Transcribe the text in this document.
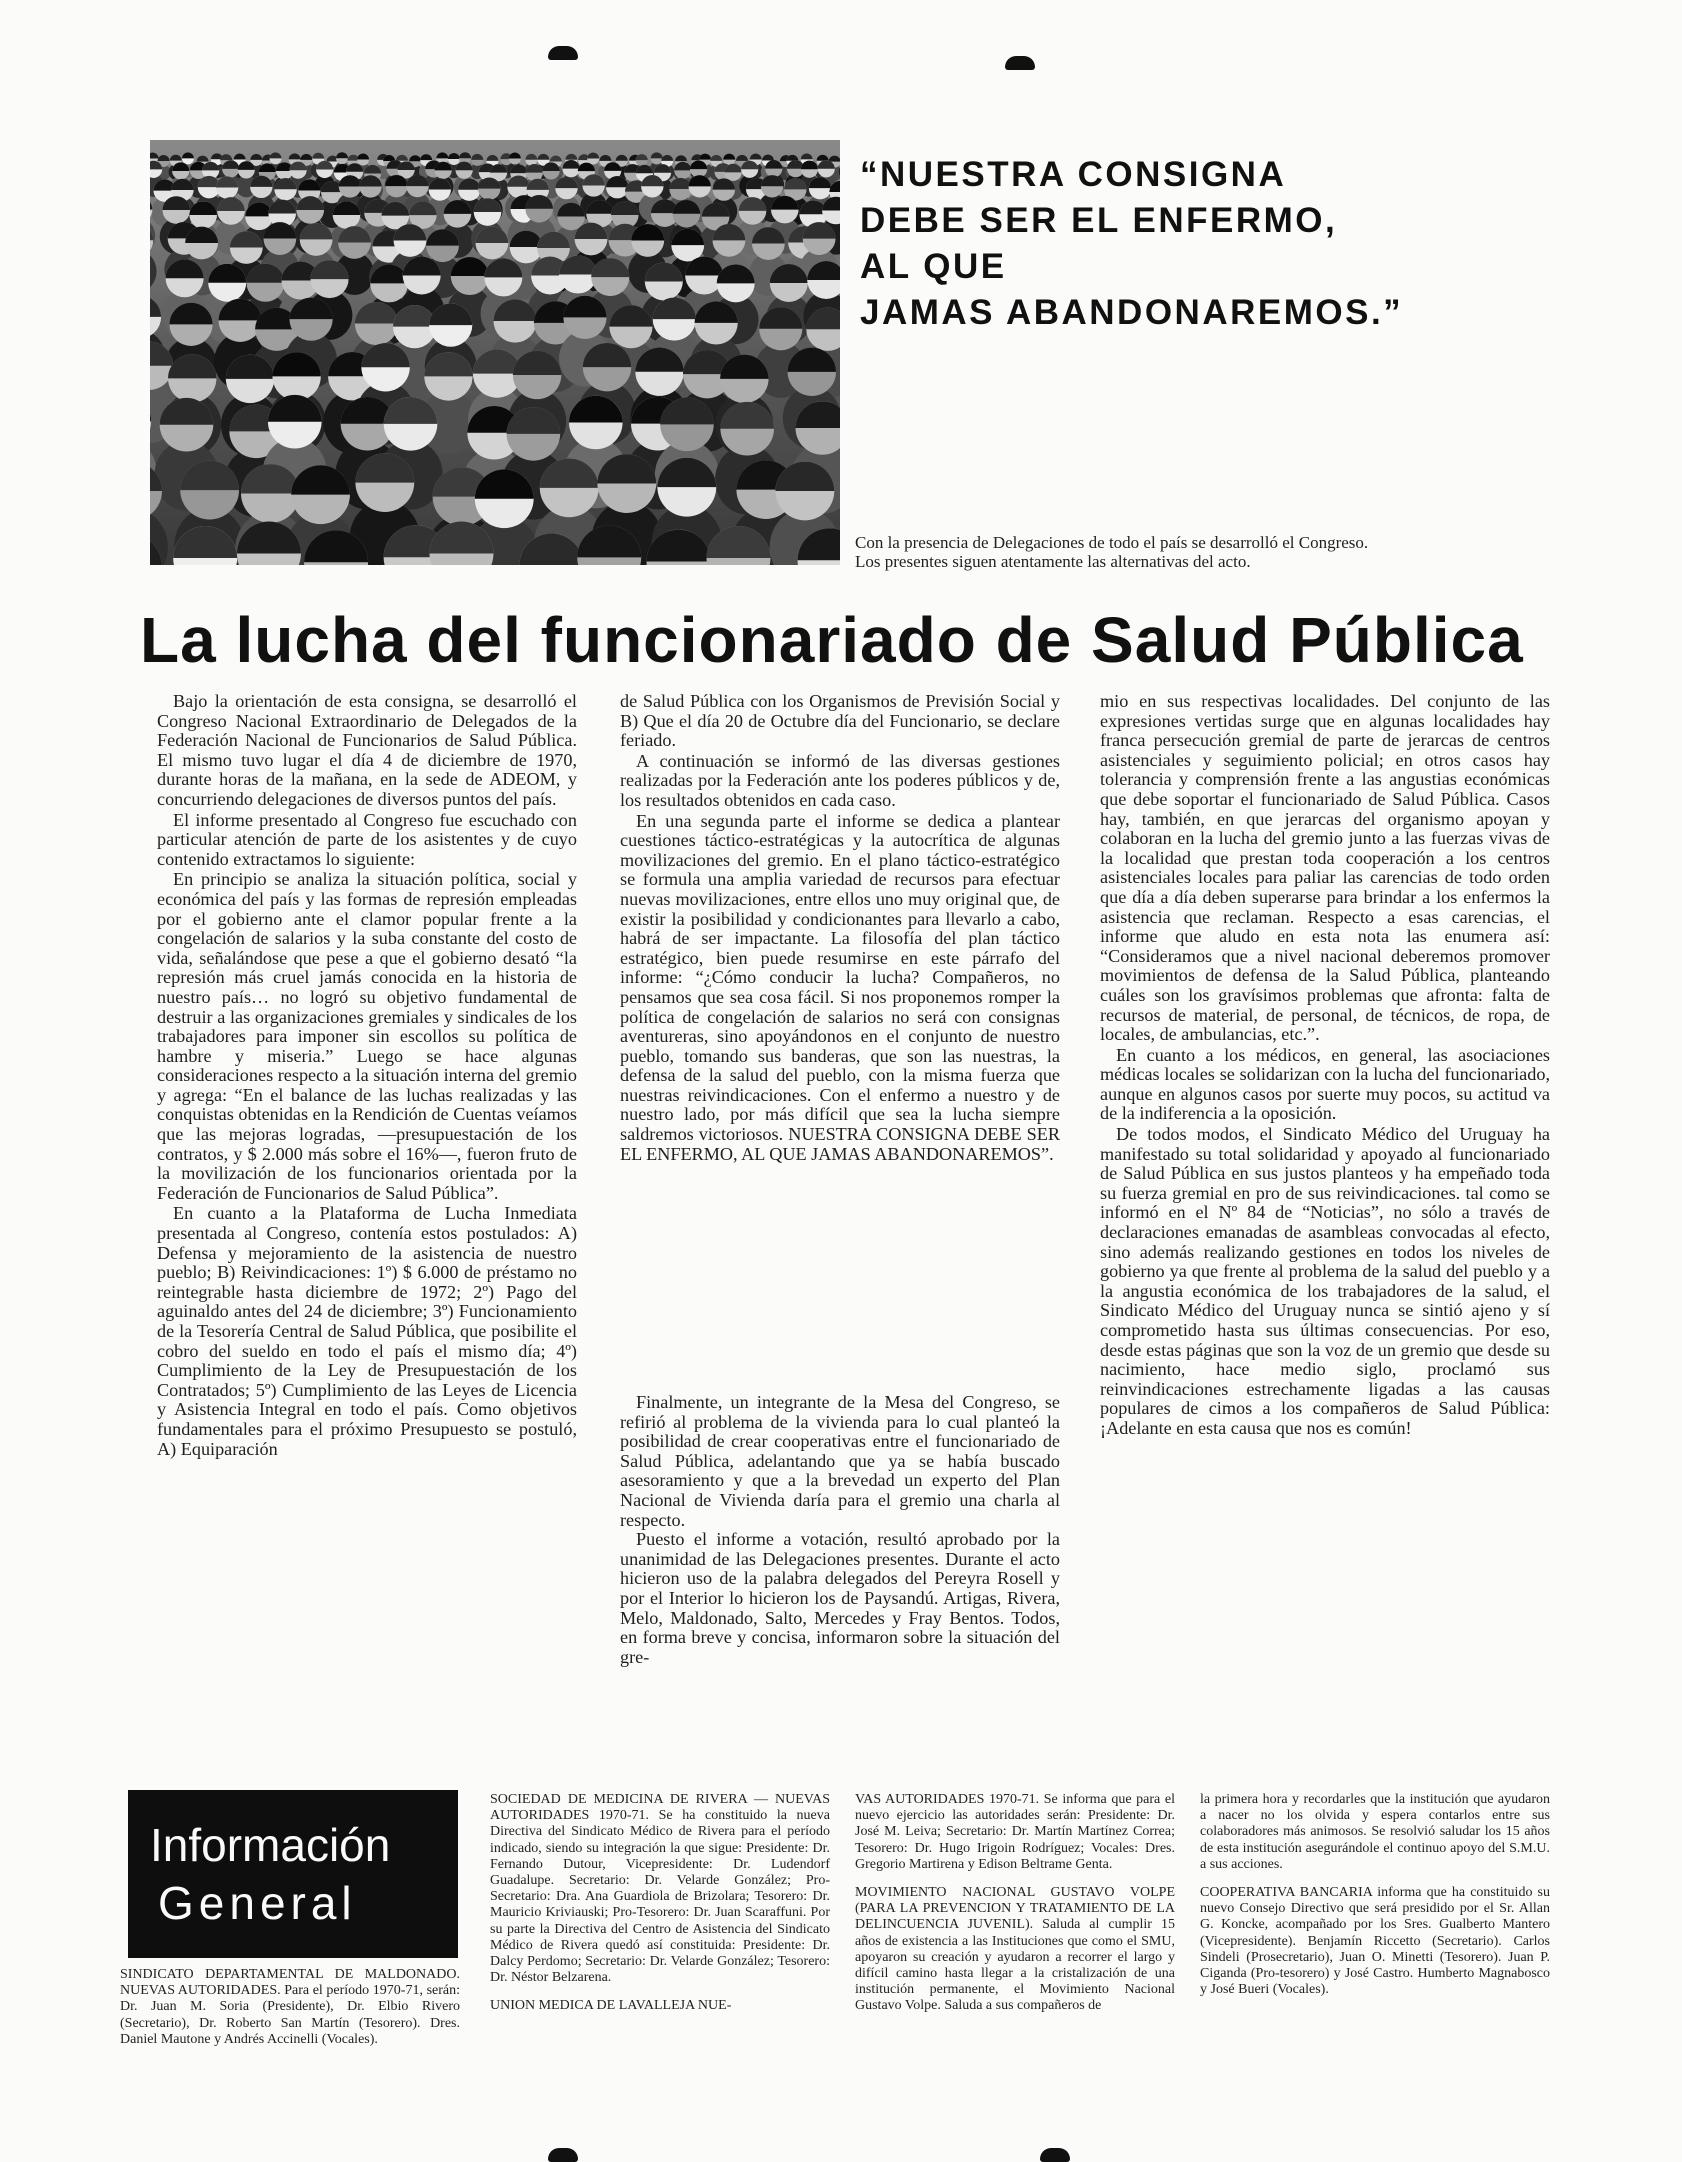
“NUESTRA CONSIGNA
DEBE SER EL ENFERMO,
AL QUE
JAMAS ABANDONAREMOS.”
Con la presencia de Delegaciones de todo el país se desarrolló el Congreso.
Los presentes siguen atentamente las alternativas del acto.
La lucha del funcionariado de Salud Pública

Bajo la orientación de esta consigna, se desarrolló el Congreso Nacional Extraordinario de Delegados de la Federación Nacional de Funcionarios de Salud Pública. El mismo tuvo lugar el día 4 de diciembre de 1970, durante horas de la mañana, en la sede de ADEOM, y concurriendo delegaciones de diversos puntos del país.

El informe presentado al Congreso fue escuchado con particular atención de parte de los asistentes y de cuyo contenido extractamos lo siguiente:

En principio se analiza la situación política, social y económica del país y las formas de represión empleadas por el gobierno ante el clamor popular frente a la congelación de salarios y la suba constante del costo de vida, señalándose que pese a que el gobierno desató “la represión más cruel jamás conocida en la historia de nuestro país… no logró su objetivo fundamental de destruir a las organizaciones gremiales y sindicales de los trabajadores para imponer sin escollos su política de hambre y miseria.” Luego se hace algunas consideraciones respecto a la situación interna del gremio y agrega: “En el balance de las luchas realizadas y las conquistas obtenidas en la Rendición de Cuentas veíamos que las mejoras logradas, —presupuestación de los contratos, y $ 2.000 más sobre el 16%—, fueron fruto de la movilización de los funcionarios orientada por la Federación de Funcionarios de Salud Pública”.

En cuanto a la Plataforma de Lucha Inmediata presentada al Congreso, contenía estos postulados: A) Defensa y mejoramiento de la asistencia de nuestro pueblo; B) Reivindicaciones: 1º) $ 6.000 de préstamo no reintegrable hasta diciembre de 1972; 2º) Pago del aguinaldo antes del 24 de diciembre; 3º) Funcionamiento de la Tesorería Central de Salud Pública, que posibilite el cobro del sueldo en todo el país el mismo día; 4º) Cumplimiento de la Ley de Presupuestación de los Contratados; 5º) Cumplimiento de las Leyes de Licencia y Asistencia Integral en todo el país. Como objetivos fundamentales para el próximo Presupuesto se postuló, A) Equiparación

de Salud Pública con los Organismos de Previsión Social y B) Que el día 20 de Octubre día del Funcionario, se declare feriado.

A continuación se informó de las diversas gestiones realizadas por la Federación ante los poderes públicos y de, los resultados obtenidos en cada caso.

En una segunda parte el informe se dedica a plantear cuestiones táctico-estratégicas y la autocrítica de algunas movilizaciones del gremio. En el plano táctico-estratégico se formula una amplia variedad de recursos para efectuar nuevas movilizaciones, entre ellos uno muy original que, de existir la posibilidad y condicionantes para llevarlo a cabo, habrá de ser impactante. La filosofía del plan táctico estratégico, bien puede resumirse en este párrafo del informe: “¿Cómo conducir la lucha? Compañeros, no pensamos que sea cosa fácil. Si nos proponemos romper la política de congelación de salarios no será con consignas aventureras, sino apoyándonos en el conjunto de nuestro pueblo, tomando sus banderas, que son las nuestras, la defensa de la salud del pueblo, con la misma fuerza que nuestras reivindicaciones. Con el enfermo a nuestro y de nuestro lado, por más difícil que sea la lucha siempre saldremos victoriosos. NUESTRA CONSIGNA DEBE SER EL ENFERMO, AL QUE JAMAS ABANDONAREMOS”.

Finalmente, un integrante de la Mesa del Congreso, se refirió al problema de la vivienda para lo cual planteó la posibilidad de crear cooperativas entre el funcionariado de Salud Pública, adelantando que ya se había buscado asesoramiento y que a la brevedad un experto del Plan Nacional de Vivienda daría para el gremio una charla al respecto.

Puesto el informe a votación, resultó aprobado por la unanimidad de las Delegaciones presentes. Durante el acto hicieron uso de la palabra delegados del Pereyra Rosell y por el Interior lo hicieron los de Paysandú. Artigas, Rivera, Melo, Maldonado, Salto, Mercedes y Fray Bentos. Todos, en forma breve y concisa, informaron sobre la situación del gre-

mio en sus respectivas localidades. Del conjunto de las expresiones vertidas surge que en algunas localidades hay franca persecución gremial de parte de jerarcas de centros asistenciales y seguimiento policial; en otros casos hay tolerancia y comprensión frente a las angustias económicas que debe soportar el funcionariado de Salud Pública. Casos hay, también, en que jerarcas del organismo apoyan y colaboran en la lucha del gremio junto a las fuerzas vivas de la localidad que prestan toda cooperación a los centros asistenciales locales para paliar las carencias de todo orden que día a día deben superarse para brindar a los enfermos la asistencia que reclaman. Respecto a esas carencias, el informe que aludo en esta nota las enumera así: “Consideramos que a nivel nacional deberemos promover movimientos de defensa de la Salud Pública, planteando cuáles son los gravísimos problemas que afronta: falta de recursos de material, de personal, de técnicos, de ropa, de locales, de ambulancias, etc.”.

En cuanto a los médicos, en general, las asociaciones médicas locales se solidarizan con la lucha del funcionariado, aunque en algunos casos por suerte muy pocos, su actitud va de la indiferencia a la oposición.

De todos modos, el Sindicato Médico del Uruguay ha manifestado su total solidaridad y apoyado al funcionariado de Salud Pública en sus justos planteos y ha empeñado toda su fuerza gremial en pro de sus reivindicaciones. tal como se informó en el Nº 84 de “Noticias”, no sólo a través de declaraciones emanadas de asambleas convocadas al efecto, sino además realizando gestiones en todos los niveles de gobierno ya que frente al problema de la salud del pueblo y a la angustia económica de los trabajadores de la salud, el Sindicato Médico del Uruguay nunca se sintió ajeno y sí comprometido hasta sus últimas consecuencias. Por eso, desde estas páginas que son la voz de un gremio que desde su nacimiento, hace medio siglo, proclamó sus reinvindicaciones estrechamente ligadas a las causas populares de cimos a los compañeros de Salud Pública: ¡Adelante en esta causa que nos es común!

Información
General

SINDICATO DEPARTAMENTAL DE MALDONADO. NUEVAS AUTORIDADES. Para el período 1970-71, serán: Dr. Juan M. Soria (Presidente), Dr. Elbio Rivero (Secretario), Dr. Roberto San Martín (Tesorero). Dres. Daniel Mautone y Andrés Accinelli (Vocales).

SOCIEDAD DE MEDICINA DE RIVERA — NUEVAS AUTORIDADES 1970-71. Se ha constituido la nueva Directiva del Sindicato Médico de Rivera para el período indicado, siendo su integración la que sigue: Presidente: Dr. Fernando Dutour, Vicepresidente: Dr. Ludendorf Guadalupe. Secretario: Dr. Velarde González; Pro-Secretario: Dra. Ana Guardiola de Brizolara; Tesorero: Dr. Mauricio Kriviauski; Pro-Tesorero: Dr. Juan Scaraffuni. Por su parte la Directiva del Centro de Asistencia del Sindicato Médico de Rivera quedó así constituida: Presidente: Dr. Dalcy Perdomo; Secretario: Dr. Velarde González; Tesorero: Dr. Néstor Belzarena.

UNION MEDICA DE LAVALLEJA NUE-

VAS AUTORIDADES 1970-71. Se informa que para el nuevo ejercicio las autoridades serán: Presidente: Dr. José M. Leiva; Secretario: Dr. Martín Martínez Correa; Tesorero: Dr. Hugo Irigoin Rodríguez; Vocales: Dres. Gregorio Martirena y Edison Beltrame Genta.

MOVIMIENTO NACIONAL GUSTAVO VOLPE (PARA LA PREVENCION Y TRATAMIENTO DE LA DELINCUENCIA JUVENIL). Saluda al cumplir 15 años de existencia a las Instituciones que como el SMU, apoyaron su creación y ayudaron a recorrer el largo y difícil camino hasta llegar a la cristalización de una institución permanente, el Movimiento Nacional Gustavo Volpe. Saluda a sus compañeros de

la primera hora y recordarles que la institución que ayudaron a nacer no los olvida y espera contarlos entre sus colaboradores más animosos. Se resolvió saludar los 15 años de esta institución asegurándole el continuo apoyo del S.M.U. a sus acciones.

COOPERATIVA BANCARIA informa que ha constituido su nuevo Consejo Directivo que será presidido por el Sr. Allan G. Koncke, acompañado por los Sres. Gualberto Mantero (Vicepresidente). Benjamín Riccetto (Secretario). Carlos Sindeli (Prosecretario), Juan O. Minetti (Tesorero). Juan P. Ciganda (Pro-tesorero) y José Castro. Humberto Magnabosco y José Bueri (Vocales).
